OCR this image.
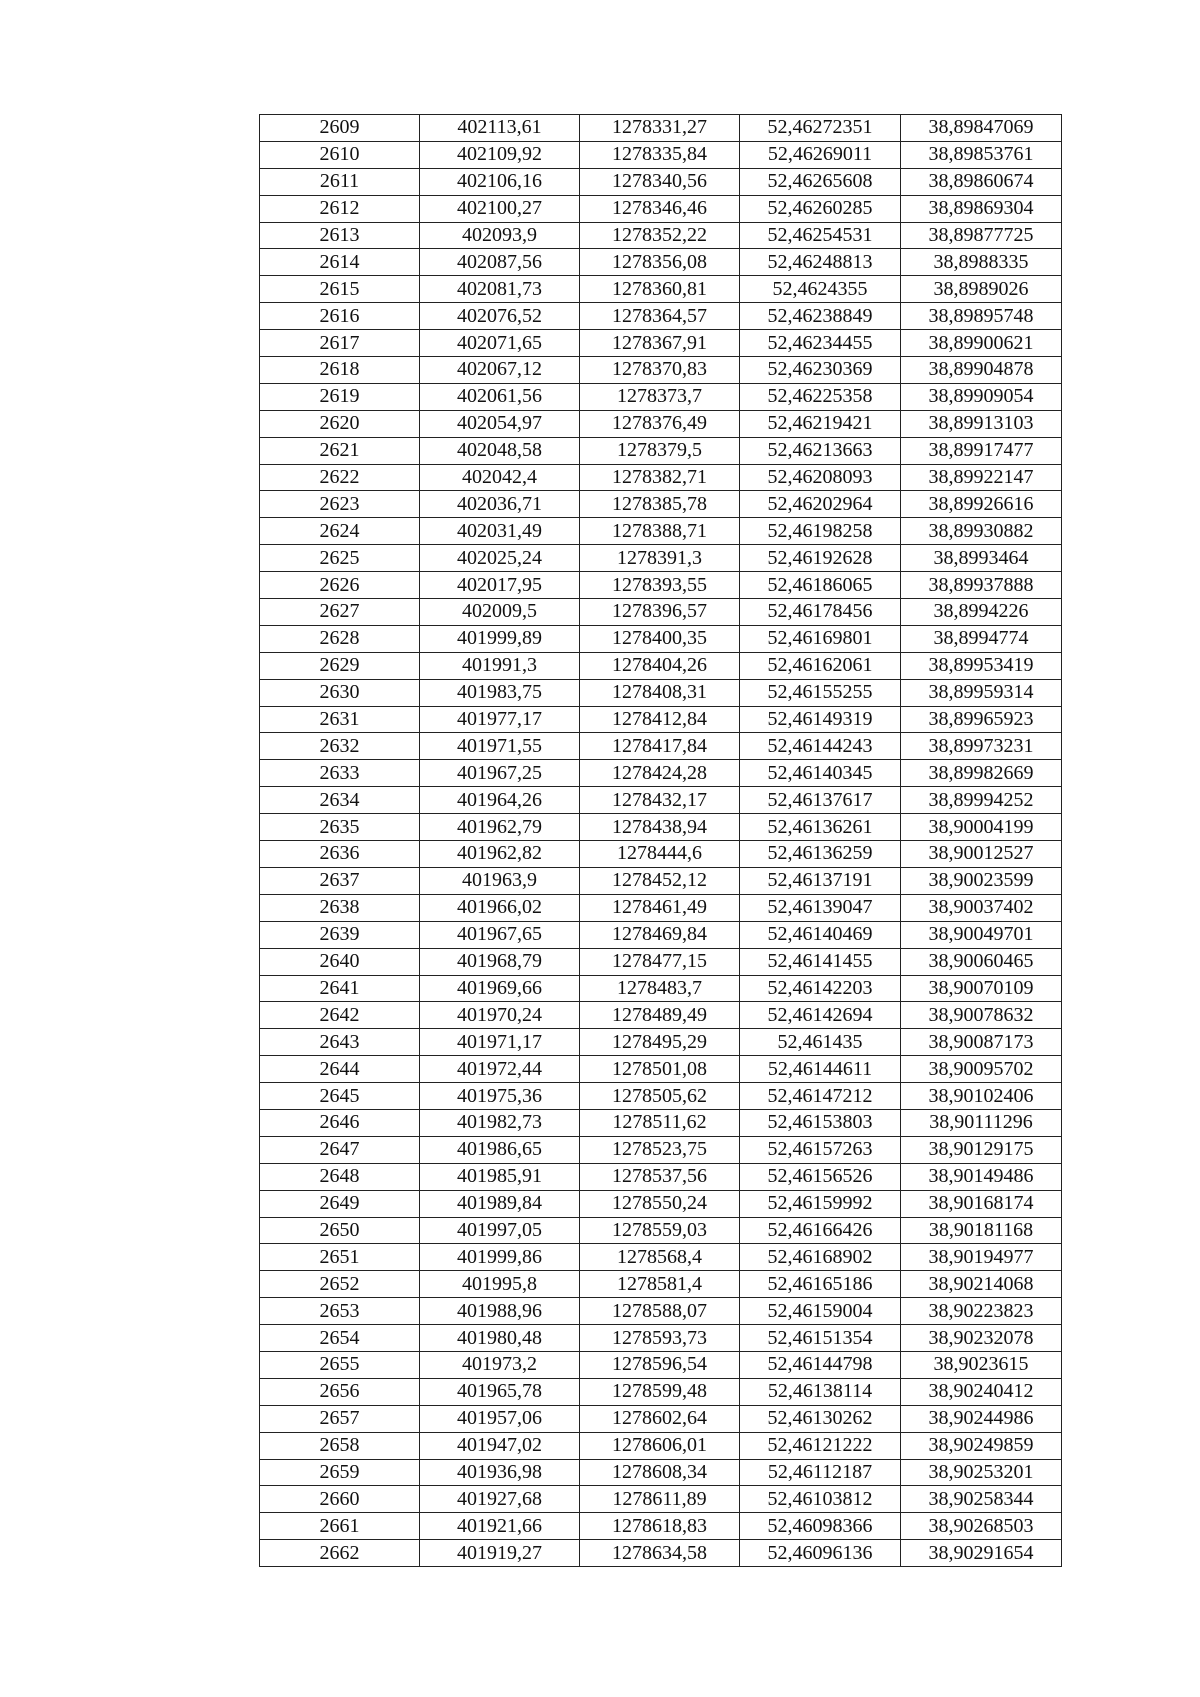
2609	402113,61	1278331,27	52,46272351	38,89847069
2610	402109,92	1278335,84	52,46269011	38,89853761
2611	402106,16	1278340,56	52,46265608	38,89860674
2612	402100,27	1278346,46	52,46260285	38,89869304
2613	402093,9	1278352,22	52,46254531	38,89877725
2614	402087,56	1278356,08	52,46248813	38,8988335
2615	402081,73	1278360,81	52,4624355	38,8989026
2616	402076,52	1278364,57	52,46238849	38,89895748
2617	402071,65	1278367,91	52,46234455	38,89900621
2618	402067,12	1278370,83	52,46230369	38,89904878
2619	402061,56	1278373,7	52,46225358	38,89909054
2620	402054,97	1278376,49	52,46219421	38,89913103
2621	402048,58	1278379,5	52,46213663	38,89917477
2622	402042,4	1278382,71	52,46208093	38,89922147
2623	402036,71	1278385,78	52,46202964	38,89926616
2624	402031,49	1278388,71	52,46198258	38,89930882
2625	402025,24	1278391,3	52,46192628	38,8993464
2626	402017,95	1278393,55	52,46186065	38,89937888
2627	402009,5	1278396,57	52,46178456	38,8994226
2628	401999,89	1278400,35	52,46169801	38,8994774
2629	401991,3	1278404,26	52,46162061	38,89953419
2630	401983,75	1278408,31	52,46155255	38,89959314
2631	401977,17	1278412,84	52,46149319	38,89965923
2632	401971,55	1278417,84	52,46144243	38,89973231
2633	401967,25	1278424,28	52,46140345	38,89982669
2634	401964,26	1278432,17	52,46137617	38,89994252
2635	401962,79	1278438,94	52,46136261	38,90004199
2636	401962,82	1278444,6	52,46136259	38,90012527
2637	401963,9	1278452,12	52,46137191	38,90023599
2638	401966,02	1278461,49	52,46139047	38,90037402
2639	401967,65	1278469,84	52,46140469	38,90049701
2640	401968,79	1278477,15	52,46141455	38,90060465
2641	401969,66	1278483,7	52,46142203	38,90070109
2642	401970,24	1278489,49	52,46142694	38,90078632
2643	401971,17	1278495,29	52,461435	38,90087173
2644	401972,44	1278501,08	52,46144611	38,90095702
2645	401975,36	1278505,62	52,46147212	38,90102406
2646	401982,73	1278511,62	52,46153803	38,90111296
2647	401986,65	1278523,75	52,46157263	38,90129175
2648	401985,91	1278537,56	52,46156526	38,90149486
2649	401989,84	1278550,24	52,46159992	38,90168174
2650	401997,05	1278559,03	52,46166426	38,90181168
2651	401999,86	1278568,4	52,46168902	38,90194977
2652	401995,8	1278581,4	52,46165186	38,90214068
2653	401988,96	1278588,07	52,46159004	38,90223823
2654	401980,48	1278593,73	52,46151354	38,90232078
2655	401973,2	1278596,54	52,46144798	38,9023615
2656	401965,78	1278599,48	52,46138114	38,90240412
2657	401957,06	1278602,64	52,46130262	38,90244986
2658	401947,02	1278606,01	52,46121222	38,90249859
2659	401936,98	1278608,34	52,46112187	38,90253201
2660	401927,68	1278611,89	52,46103812	38,90258344
2661	401921,66	1278618,83	52,46098366	38,90268503
2662	401919,27	1278634,58	52,46096136	38,90291654
